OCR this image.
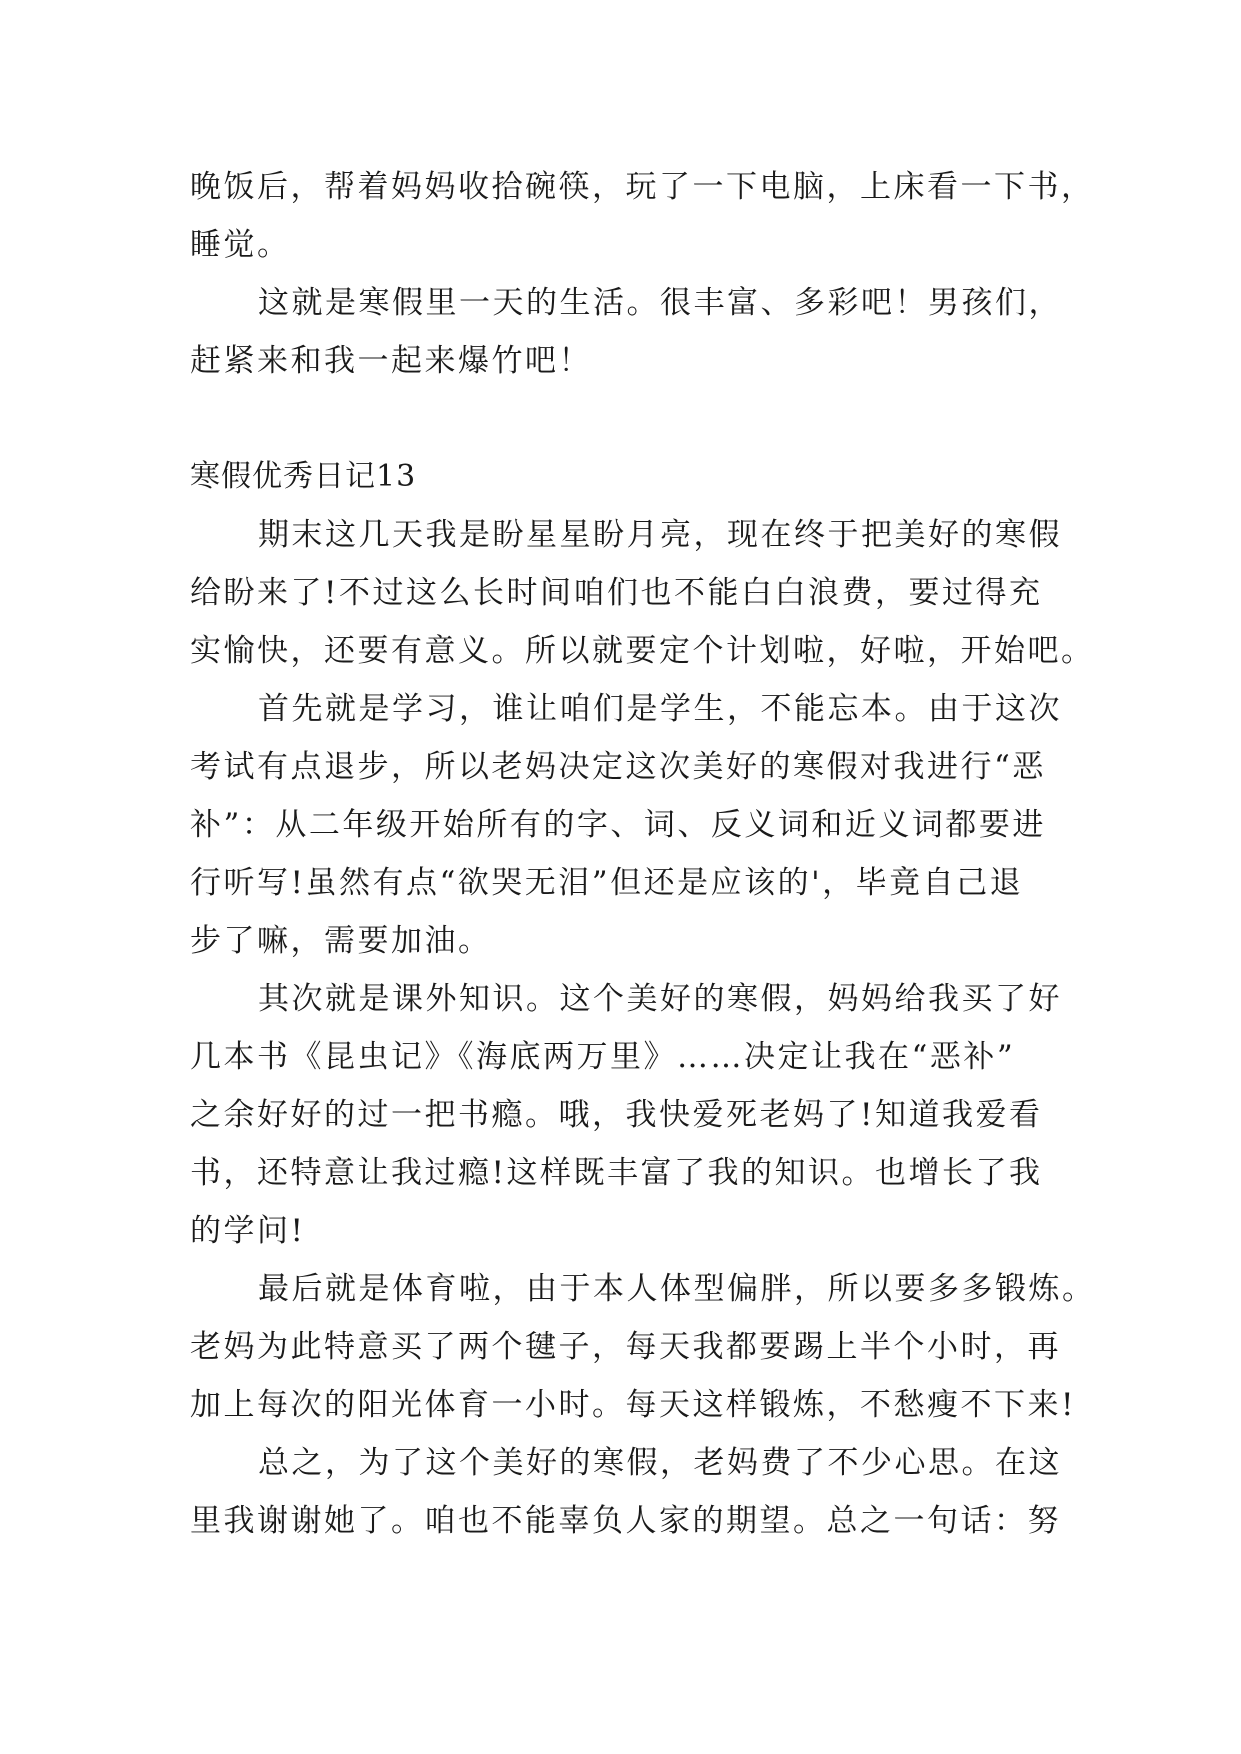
晚饭后，帮着妈妈收拾碗筷，玩了一下电脑，上床看一下书，
睡觉。
这就是寒假里一天的生活。很丰富、多彩吧！男孩们，
赶紧来和我一起来爆竹吧！
寒假优秀日记13
期末这几天我是盼星星盼月亮，现在终于把美好的寒假
给盼来了!不过这么长时间咱们也不能白白浪费，要过得充
实愉快，还要有意义。所以就要定个计划啦，好啦，开始吧。
首先就是学习，谁让咱们是学生，不能忘本。由于这次
考试有点退步，所以老妈决定这次美好的寒假对我进行“恶
补”：从二年级开始所有的字、词、反义词和近义词都要进
行听写!虽然有点“欲哭无泪”但还是应该的'，毕竟自己退
步了嘛，需要加油。
其次就是课外知识。这个美好的寒假，妈妈给我买了好
几本书《昆虫记》《海底两万里》……决定让我在“恶补”
之余好好的过一把书瘾。哦，我快爱死老妈了!知道我爱看
书，还特意让我过瘾!这样既丰富了我的知识。也增长了我
的学问!
最后就是体育啦，由于本人体型偏胖，所以要多多锻炼。
老妈为此特意买了两个毽子，每天我都要踢上半个小时，再
加上每次的阳光体育一小时。每天这样锻炼，不愁瘦不下来!
总之，为了这个美好的寒假，老妈费了不少心思。在这
里我谢谢她了。咱也不能辜负人家的期望。总之一句话：努
